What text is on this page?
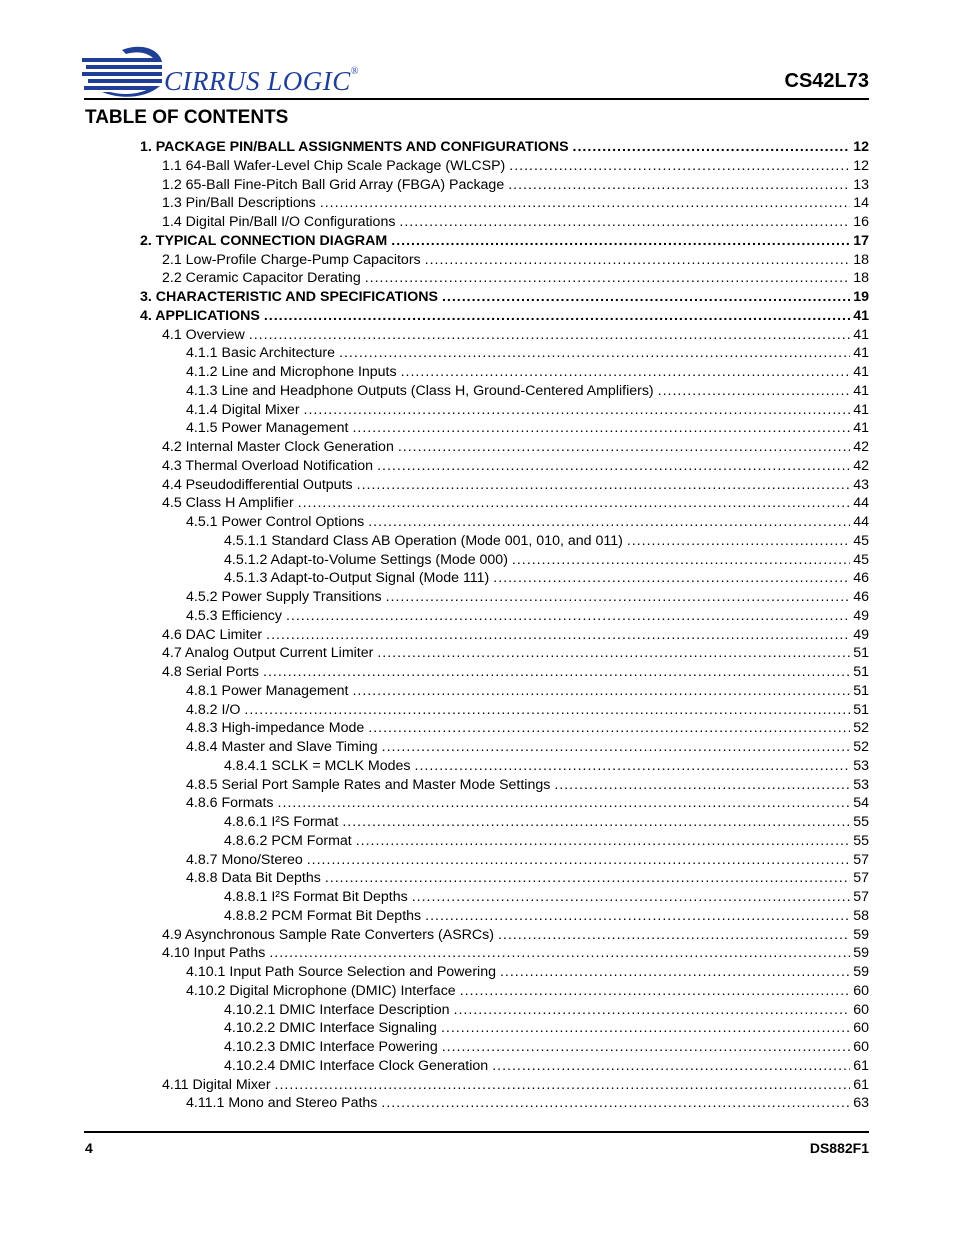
CIRRUS LOGIC®	CS42L73
TABLE OF CONTENTS
1. PACKAGE PIN/BALL ASSIGNMENTS AND CONFIGURATIONS .....	12
1.1 64-Ball Wafer-Level Chip Scale Package (WLCSP) .....	12
1.2 65-Ball Fine-Pitch Ball Grid Array (FBGA) Package .....	13
1.3 Pin/Ball Descriptions .....	14
1.4 Digital Pin/Ball I/O Configurations .....	16
2. TYPICAL CONNECTION DIAGRAM .....	17
2.1 Low-Profile Charge-Pump Capacitors .....	18
2.2 Ceramic Capacitor Derating .....	18
3. CHARACTERISTIC AND SPECIFICATIONS .....	19
4. APPLICATIONS .....	41
4.1 Overview .....	41
4.1.1 Basic Architecture .....	41
4.1.2 Line and Microphone Inputs .....	41
4.1.3 Line and Headphone Outputs (Class H, Ground-Centered Amplifiers) .....	41
4.1.4 Digital Mixer .....	41
4.1.5 Power Management .....	41
4.2 Internal Master Clock Generation .....	42
4.3 Thermal Overload Notification .....	42
4.4 Pseudodifferential Outputs .....	43
4.5 Class H Amplifier .....	44
4.5.1 Power Control Options .....	44
4.5.1.1 Standard Class AB Operation (Mode 001, 010, and 011) .....	45
4.5.1.2 Adapt-to-Volume Settings (Mode 000) .....	45
4.5.1.3 Adapt-to-Output Signal (Mode 111) .....	46
4.5.2 Power Supply Transitions .....	46
4.5.3 Efficiency .....	49
4.6 DAC Limiter .....	49
4.7 Analog Output Current Limiter .....	51
4.8 Serial Ports .....	51
4.8.1 Power Management .....	51
4.8.2 I/O .....	51
4.8.3 High-impedance Mode .....	52
4.8.4 Master and Slave Timing .....	52
4.8.4.1 SCLK = MCLK Modes .....	53
4.8.5 Serial Port Sample Rates and Master Mode Settings .....	53
4.8.6 Formats .....	54
4.8.6.1 I²S Format .....	55
4.8.6.2 PCM Format .....	55
4.8.7 Mono/Stereo .....	57
4.8.8 Data Bit Depths .....	57
4.8.8.1 I²S Format Bit Depths .....	57
4.8.8.2 PCM Format Bit Depths .....	58
4.9 Asynchronous Sample Rate Converters (ASRCs) .....	59
4.10 Input Paths .....	59
4.10.1 Input Path Source Selection and Powering .....	59
4.10.2 Digital Microphone (DMIC) Interface .....	60
4.10.2.1 DMIC Interface Description .....	60
4.10.2.2 DMIC Interface Signaling .....	60
4.10.2.3 DMIC Interface Powering .....	60
4.10.2.4 DMIC Interface Clock Generation .....	61
4.11 Digital Mixer .....	61
4.11.1 Mono and Stereo Paths .....	63
4	DS882F1
